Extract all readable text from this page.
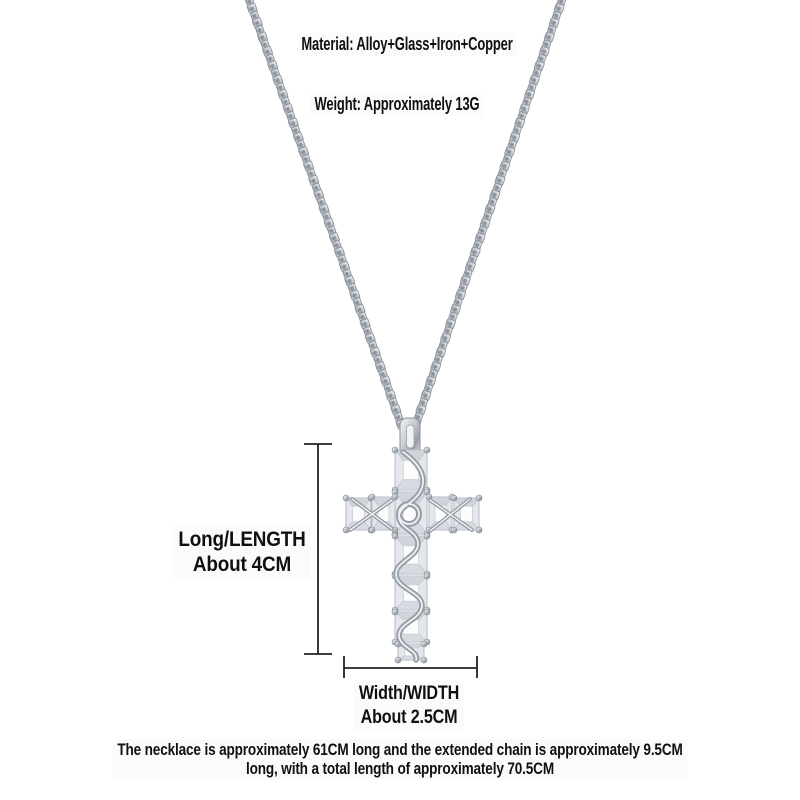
Material: Alloy+Glass+Iron+Copper
Weight: Approximately 13G
Long/LENGTH
About 4CM
Width/WIDTH
About 2.5CM
The necklace is approximately 61CM long and the extended chain is approximately 9.5CM
long, with a total length of approximately 70.5CM
